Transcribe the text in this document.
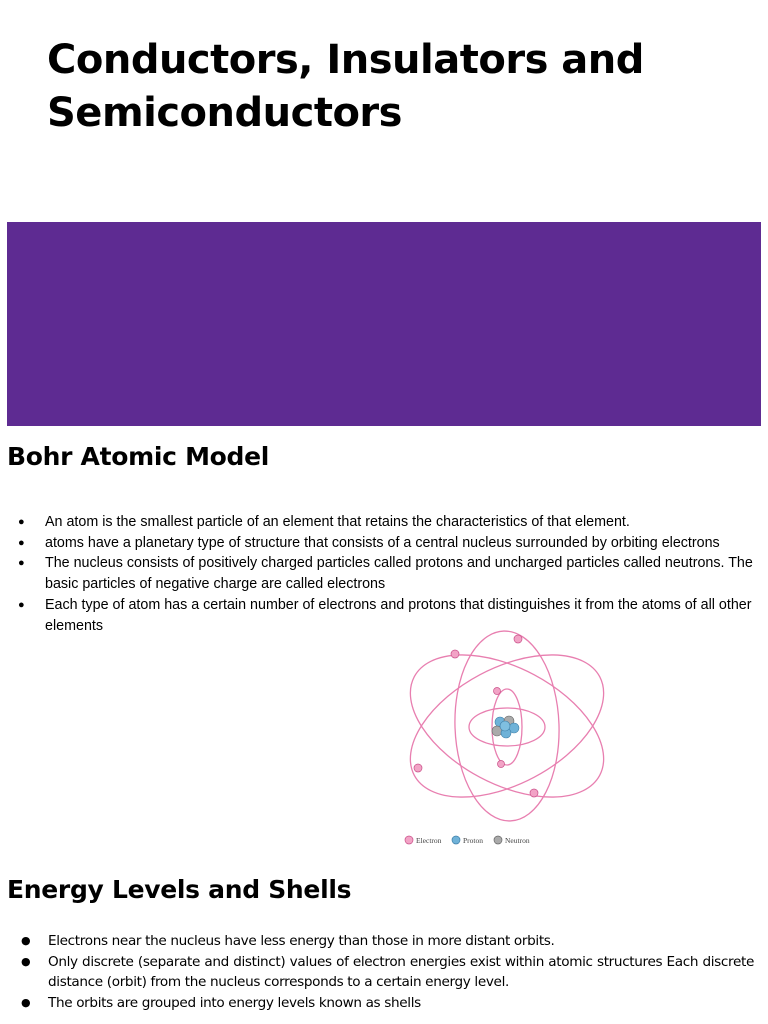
Conductors, Insulators and Semiconductors
Bohr Atomic Model
● An atom is the smallest particle of an element that retains the characteristics of that element.
● atoms have a planetary type of structure that consists of a central nucleus surrounded by orbiting electrons
● The nucleus consists of positively charged particles called protons and uncharged particles called neutrons. The basic particles of negative charge are called electrons
● Each type of atom has a certain number of electrons and protons that distinguishes it from the atoms of all other elements
Electron	Proton	Neutron
Energy Levels and Shells
● Electrons near the nucleus have less energy than those in more distant orbits.
● Only discrete (separate and distinct) values of electron energies exist within atomic structures Each discrete distance (orbit) from the nucleus corresponds to a certain energy level.
● The orbits are grouped into energy levels known as shells
